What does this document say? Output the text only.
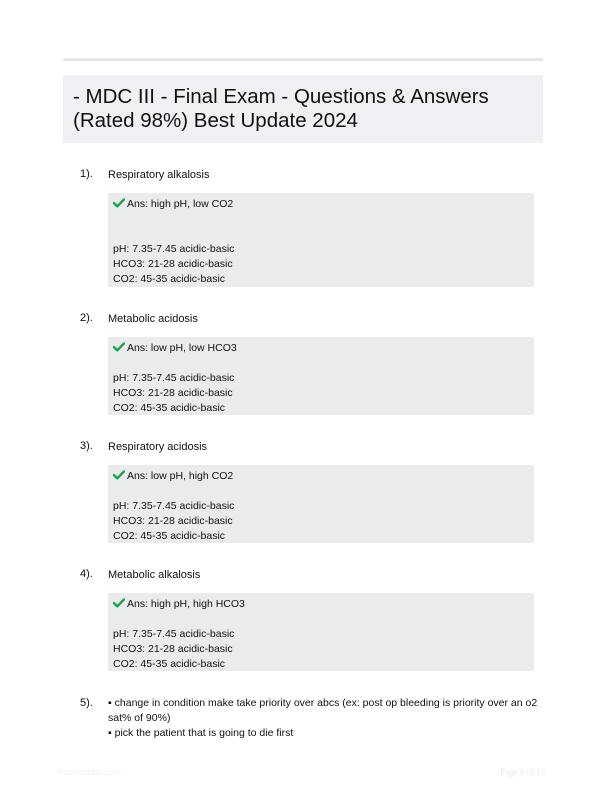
- MDC III - Final Exam - Questions & Answers (Rated 98%) Best Update 2024
1). Respiratory alkalosis
Ans: high pH, low CO2
pH: 7.35-7.45 acidic-basic
HCO3: 21-28 acidic-basic
CO2: 45-35 acidic-basic
2). Metabolic acidosis
Ans: low pH, low HCO3
pH: 7.35-7.45 acidic-basic
HCO3: 21-28 acidic-basic
CO2: 45-35 acidic-basic
3). Respiratory acidosis
Ans: low pH, high CO2
pH: 7.35-7.45 acidic-basic
HCO3: 21-28 acidic-basic
CO2: 45-35 acidic-basic
4). Metabolic alkalosis
Ans: high pH, high HCO3
pH: 7.35-7.45 acidic-basic
HCO3: 21-28 acidic-basic
CO2: 45-35 acidic-basic
5). ▪ change in condition make take priority over abcs (ex: post op bleeding is priority over an o2 sat% of 90%)
▪ pick the patient that is going to die first
Paperdbbc.com	Page 1 of 15
